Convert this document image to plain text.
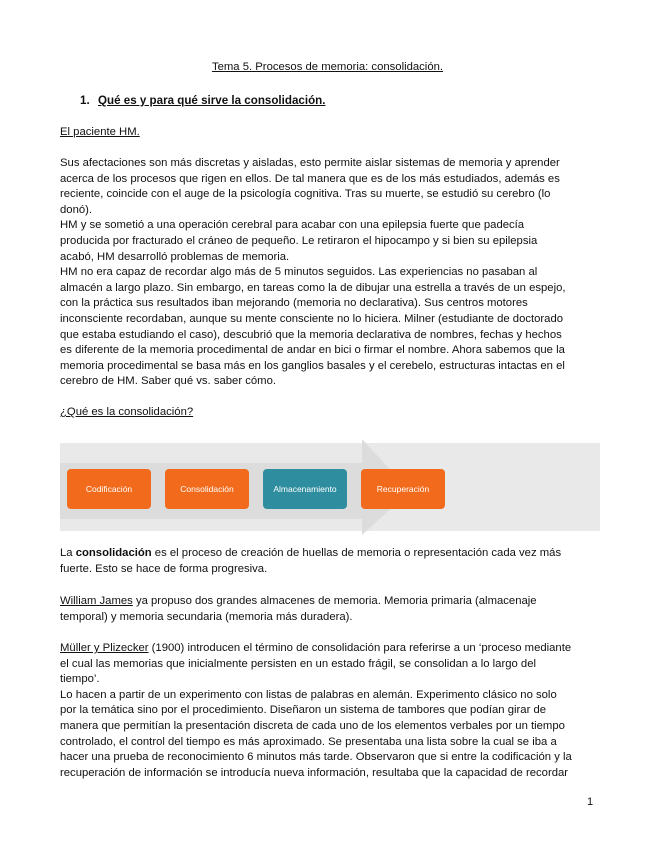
Tema 5. Procesos de memoria: consolidación.

1. Qué es y para qué sirve la consolidación.

El paciente HM.

Sus afectaciones son más discretas y aisladas, esto permite aislar sistemas de memoria y aprender
acerca de los procesos que rigen en ellos. De tal manera que es de los más estudiados, además es
reciente, coincide con el auge de la psicología cognitiva. Tras su muerte, se estudió su cerebro (lo
donó).
HM y se sometió a una operación cerebral para acabar con una epilepsia fuerte que padecía
producida por fracturado el cráneo de pequeño. Le retiraron el hipocampo y si bien su epilepsia
acabó, HM desarrolló problemas de memoria.
HM no era capaz de recordar algo más de 5 minutos seguidos. Las experiencias no pasaban al
almacén a largo plazo. Sin embargo, en tareas como la de dibujar una estrella a través de un espejo,
con la práctica sus resultados iban mejorando (memoria no declarativa). Sus centros motores
inconsciente recordaban, aunque su mente consciente no lo hiciera. Milner (estudiante de doctorado
que estaba estudiando el caso), descubrió que la memoria declarativa de nombres, fechas y hechos
es diferente de la memoria procedimental de andar en bici o firmar el nombre. Ahora sabemos que la
memoria procedimental se basa más en los ganglios basales y el cerebelo, estructuras intactas en el
cerebro de HM. Saber qué vs. saber cómo.

¿Qué es la consolidación?

Codificación	Consolidación	Almacenamiento	Recuperación
La consolidación es el proceso de creación de huellas de memoria o representación cada vez más
fuerte. Esto se hace de forma progresiva.
William James ya propuso dos grandes almacenes de memoria. Memoria primaria (almacenaje
temporal) y memoria secundaria (memoria más duradera).
Müller y Plizecker (1900) introducen el término de consolidación para referirse a un ‘proceso mediante
el cual las memorias que inicialmente persisten en un estado frágil, se consolidan a lo largo del
tiempo’.
Lo hacen a partir de un experimento con listas de palabras en alemán. Experimento clásico no solo
por la temática sino por el procedimiento. Diseñaron un sistema de tambores que podían girar de
manera que permitían la presentación discreta de cada uno de los elementos verbales por un tiempo
controlado, el control del tiempo es más aproximado. Se presentaba una lista sobre la cual se iba a
hacer una prueba de reconocimiento 6 minutos más tarde. Observaron que si entre la codificación y la
recuperación de información se introducía nueva información, resultaba que la capacidad de recordar

1
